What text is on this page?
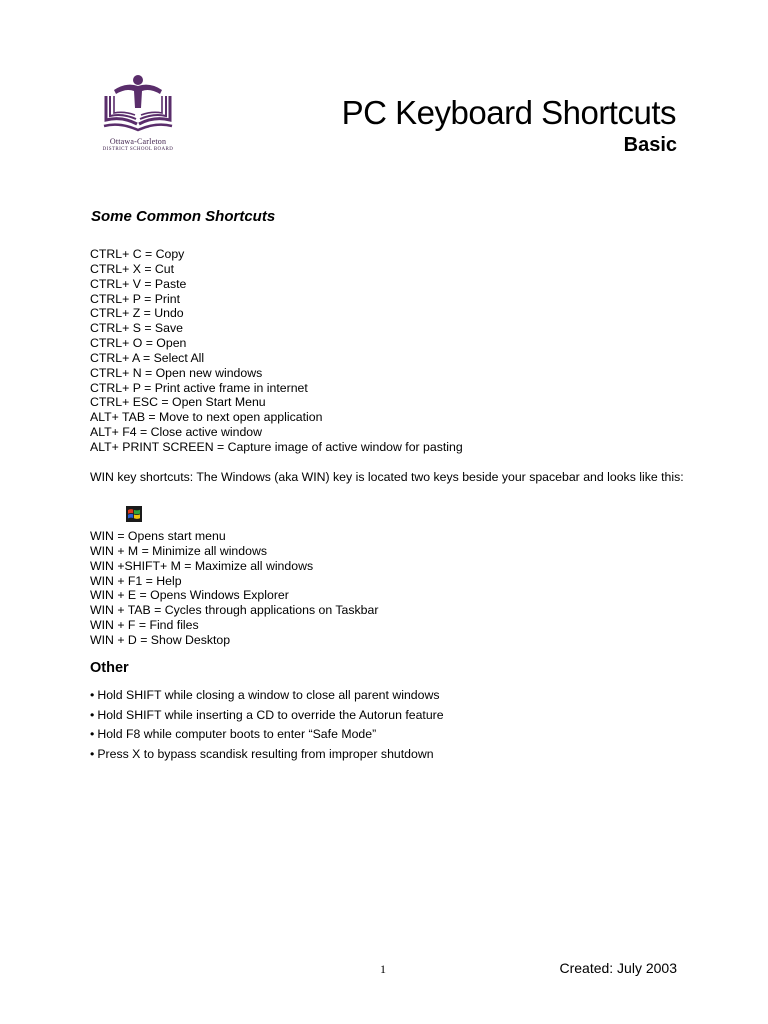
Ottawa-Carleton
DISTRICT SCHOOL BOARD
PC Keyboard Shortcuts
Basic
Some Common Shortcuts
CTRL+ C = Copy
CTRL+ X = Cut
CTRL+ V = Paste
CTRL+ P = Print
CTRL+ Z = Undo
CTRL+ S = Save
CTRL+ O = Open
CTRL+ A = Select All
CTRL+ N = Open new windows
CTRL+ P = Print active frame in internet
CTRL+ ESC = Open Start Menu
ALT+ TAB = Move to next open application
ALT+ F4 = Close active window
ALT+ PRINT SCREEN = Capture image of active window for pasting
WIN key shortcuts: The Windows (aka WIN) key is located two keys beside your spacebar and looks like this:
WIN = Opens start menu
WIN + M = Minimize all windows
WIN +SHIFT+ M = Maximize all windows
WIN + F1 = Help
WIN + E = Opens Windows Explorer
WIN + TAB = Cycles through applications on Taskbar
WIN + F = Find files
WIN + D = Show Desktop
Other
• Hold SHIFT while closing a window to close all parent windows
• Hold SHIFT while inserting a CD to override the Autorun feature
• Hold F8 while computer boots to enter “Safe Mode”
• Press X to bypass scandisk resulting from improper shutdown
1	Created: July 2003
